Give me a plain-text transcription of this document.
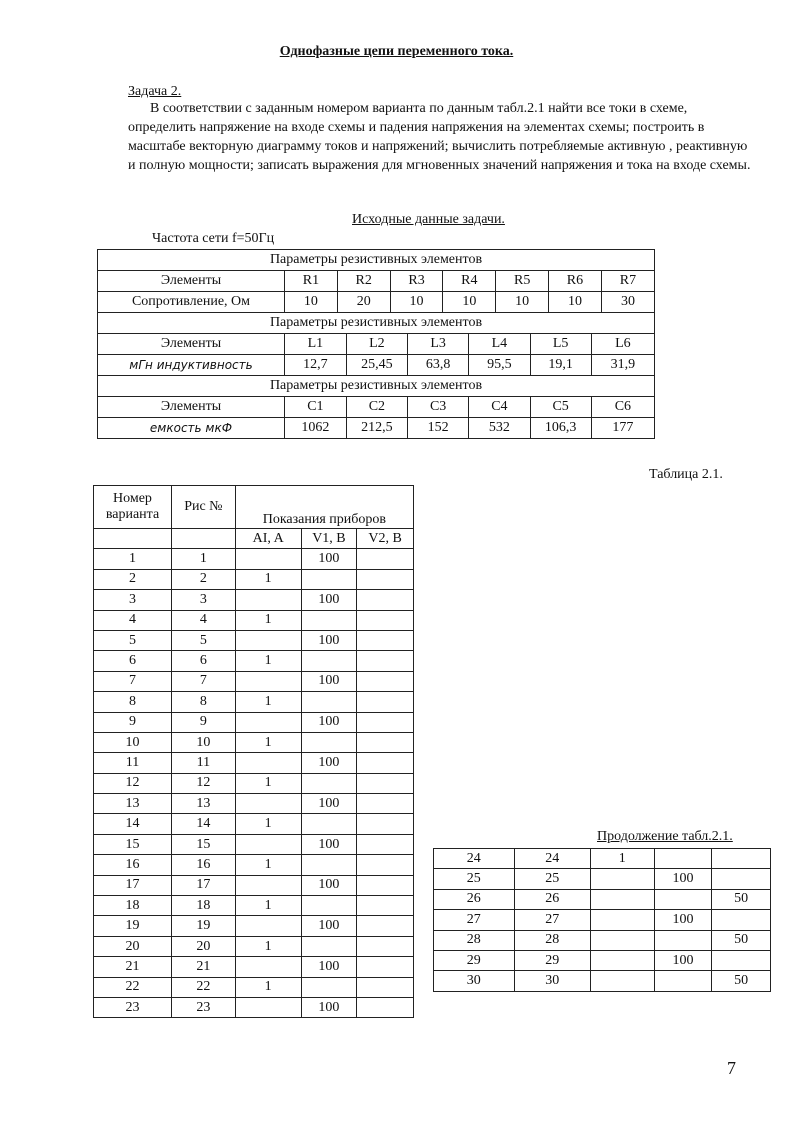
Однофазные цепи переменного тока.
Задача 2.
В соответствии с заданным номером варианта по данным табл.2.1 найти все токи в схеме, определить напряжение на входе схемы и падения напряжения на элементах схемы; построить в масштабе векторную диаграмму токов и напряжений; вычислить потребляемые активную , реактивную и полную мощности; записать выражения для мгновенных значений напряжения и тока на входе схемы.
Исходные данные задачи.
Частота сети f=50Гц
Параметры резистивных элементов
Элементы	R1	R2	R3	R4	R5	R6	R7
Сопротивление, Ом	10	20	10	10	10	10	30
Параметры резистивных элементов
Элементы		L1	L2	L3	L4	L5	L6

мГн индуктивность		12,7	25,45	63,8	95,5	19,1	31,9

Параметры резистивных элементов
Элементы		C1	C2	C3	C4	C5	C6

емкость мкФ		1062	212,5	152	532	106,3	177
Таблица 2.1.
Номер варианта	Рис №	Показания приборов		

		AI, A	V1, B	V2, B
1	1		100	
2	2	1		
3	3		100	
4	4	1		
5	5		100	
6	6	1		
7	7		100	
8	8	1		
9	9		100	
10	10	1		
11	11		100	
12	12	1		
13	13		100	
14	14	1		
15	15		100	
16	16	1		
17	17		100	
18	18	1		
19	19		100	
20	20	1		
21	21		100	
22	22	1		
23	23		100	
Продолжение табл.2.1.
24	24	1		
25	25		100	
26	26			50
27	27		100	
28	28			50
29	29		100	
30	30			50
7
